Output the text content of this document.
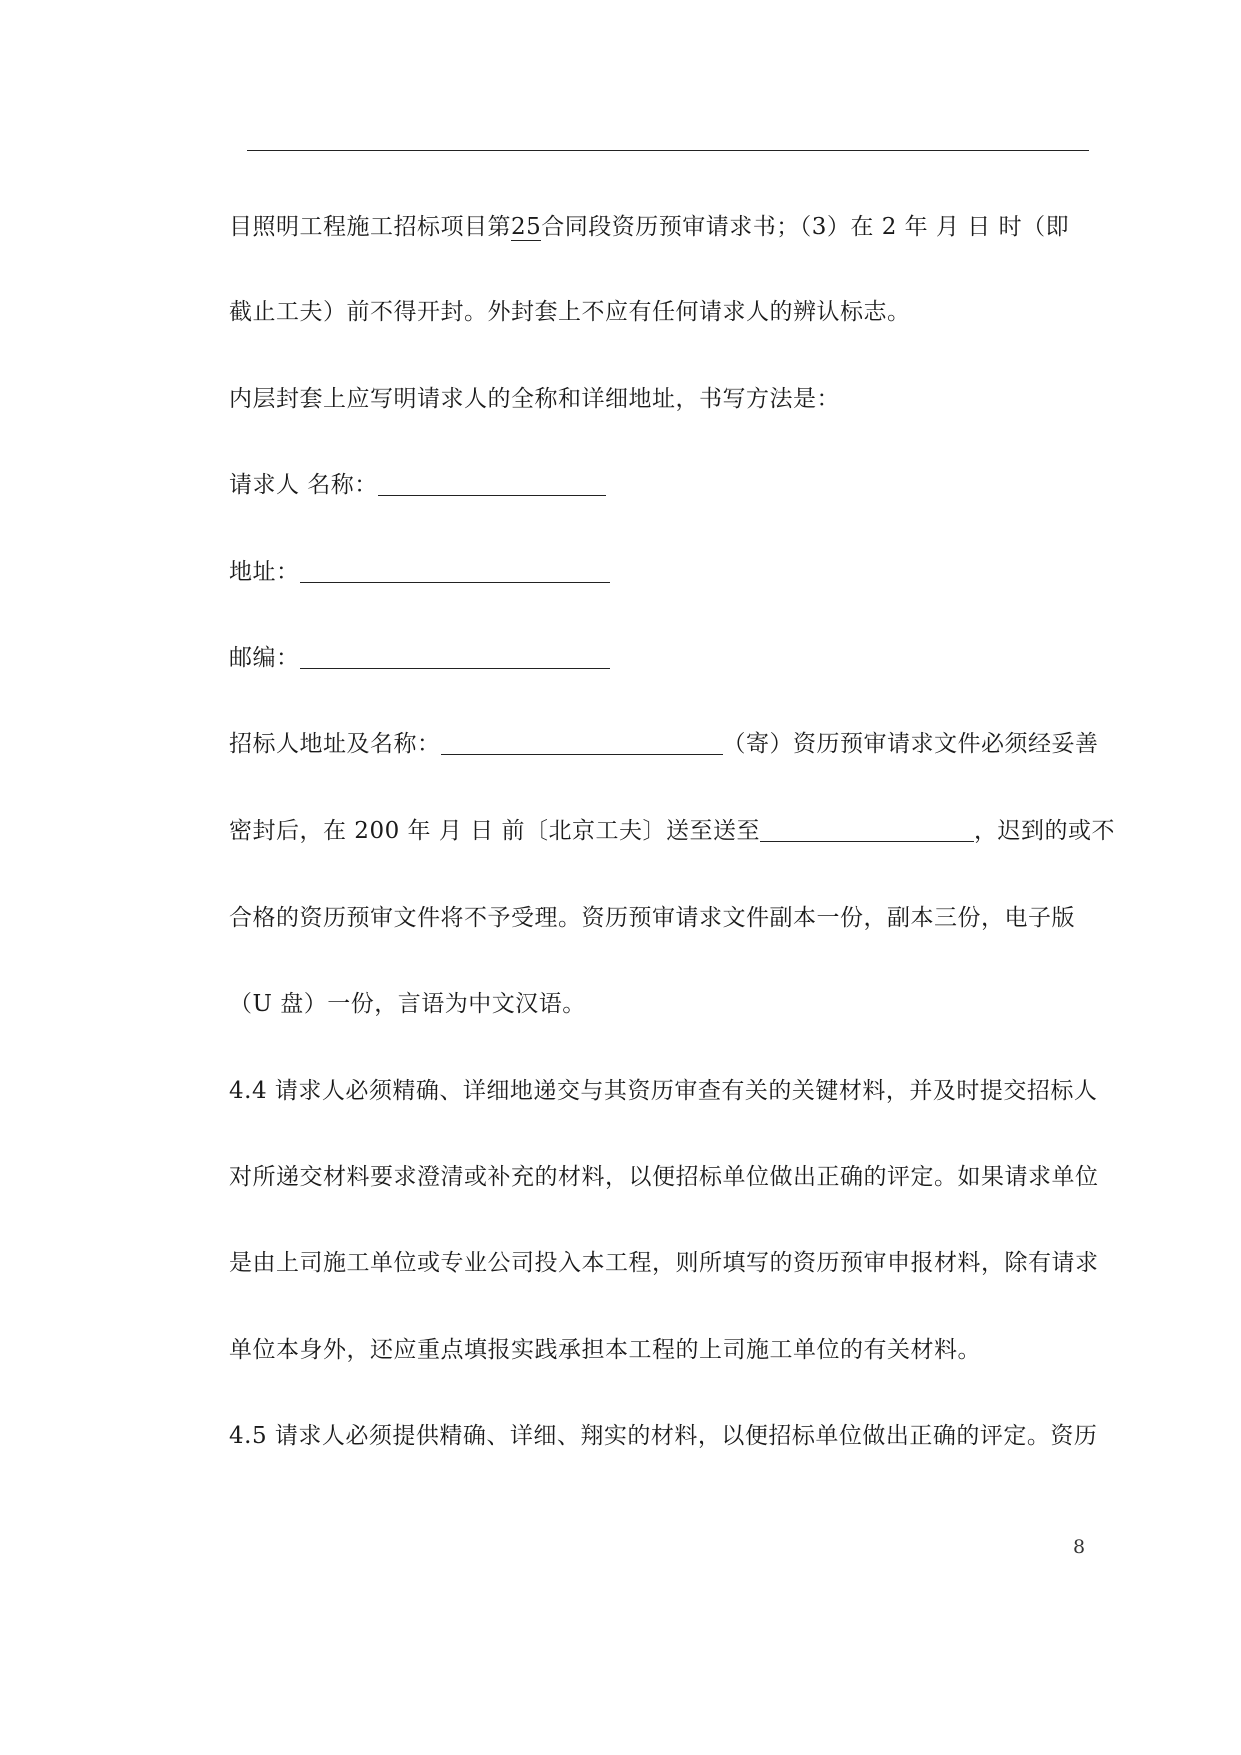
目照明工程施工招标项目第25合同段资历预审请求书；（3）在 2 年 月 日 时（即
截止工夫）前不得开封。外封套上不应有任何请求人的辨认标志。
内层封套上应写明请求人的全称和详细地址，书写方法是：
请求人 名称：
地址：
邮编：
招标人地址及名称：	（寄）资历预审请求文件必须经妥善
密封后，在 200 年 月 日 前〔北京工夫〕送至送至	，迟到的或不
合格的资历预审文件将不予受理。资历预审请求文件副本一份，副本三份，电子版
（U 盘）一份，言语为中文汉语。
4.4 请求人必须精确、详细地递交与其资历审查有关的关键材料，并及时提交招标人
对所递交材料要求澄清或补充的材料，以便招标单位做出正确的评定。如果请求单位
是由上司施工单位或专业公司投入本工程，则所填写的资历预审申报材料，除有请求
单位本身外，还应重点填报实践承担本工程的上司施工单位的有关材料。
4.5 请求人必须提供精确、详细、翔实的材料，以便招标单位做出正确的评定。资历
8
